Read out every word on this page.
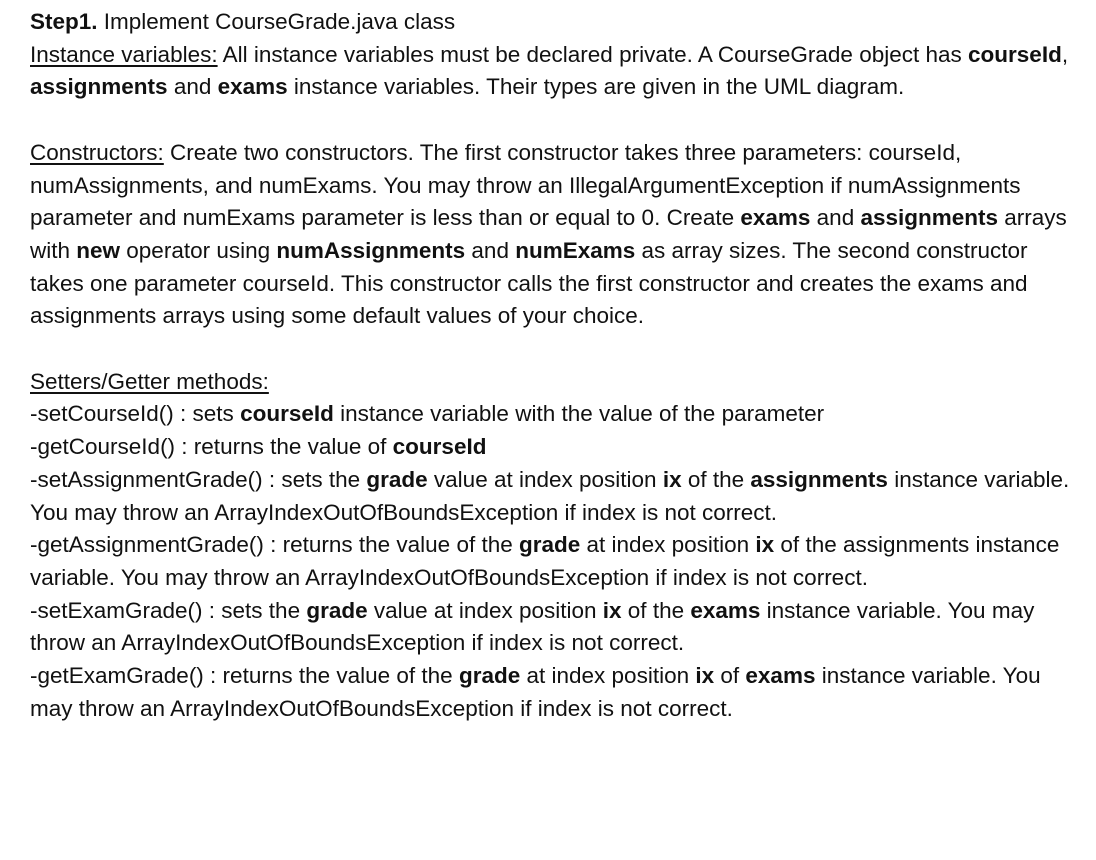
Step1. Implement CourseGrade.java class

Instance variables: All instance variables must be declared private. A CourseGrade object has courseId, assignments and exams instance variables. Their types are given in the UML diagram.

Constructors: Create two constructors. The first constructor takes three parameters: courseId, numAssignments, and numExams. You may throw an IllegalArgumentException if numAssignments parameter and numExams parameter is less than or equal to 0. Create exams and assignments arrays with new operator using numAssignments and numExams as array sizes. The second constructor takes one parameter courseId. This constructor calls the first constructor and creates the exams and assignments arrays using some default values of your choice.

Setters/Getter methods:

-setCourseId() : sets courseId instance variable with the value of the parameter

-getCourseId() : returns the value of courseId

-setAssignmentGrade() : sets the grade value at index position ix of the assignments instance variable. You may throw an ArrayIndexOutOfBoundsException if index is not correct.

-getAssignmentGrade() : returns the value of the grade at index position ix of the assignments instance variable. You may throw an ArrayIndexOutOfBoundsException if index is not correct.

-setExamGrade() : sets the grade value at index position ix of the exams instance variable. You may throw an ArrayIndexOutOfBoundsException if index is not correct.

-getExamGrade() : returns the value of the grade at index position ix of exams instance variable. You may throw an ArrayIndexOutOfBoundsException if index is not correct.
